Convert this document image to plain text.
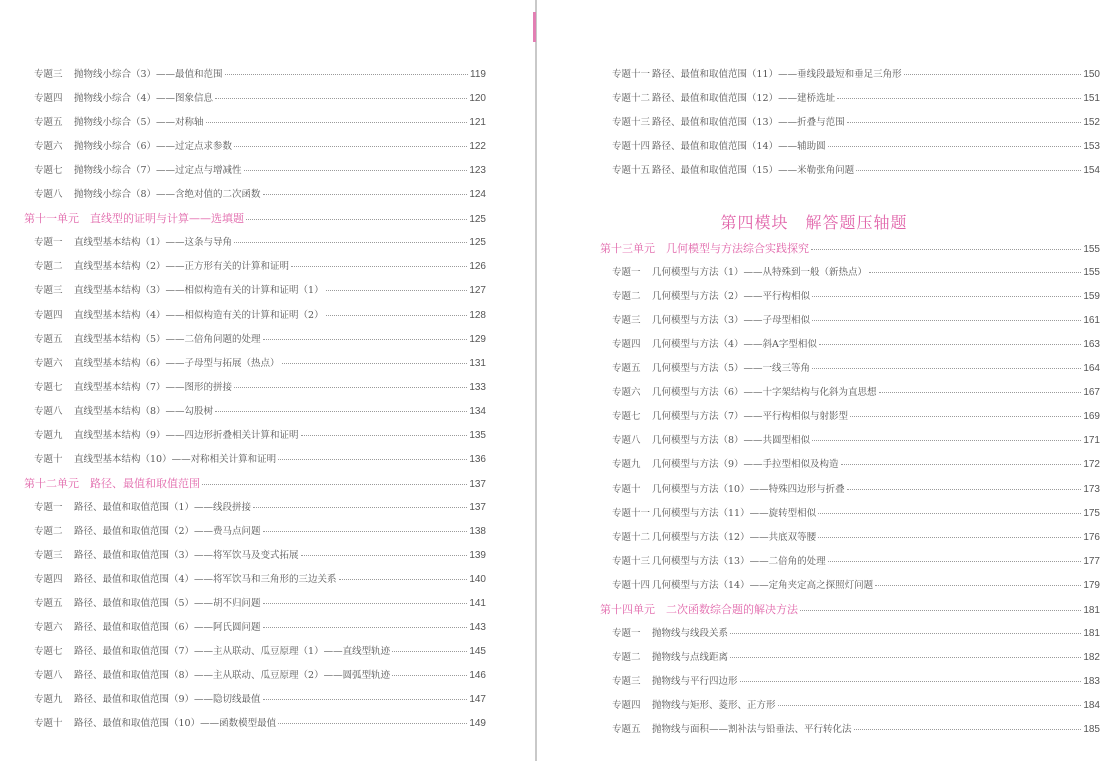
专题三	抛物线小综合（3）——最值和范围	119
专题四	抛物线小综合（4）——图象信息	120
专题五	抛物线小综合（5）——对称轴	121
专题六	抛物线小综合（6）——过定点求参数	122
专题七	抛物线小综合（7）——过定点与增减性	123
专题八	抛物线小综合（8）——含绝对值的二次函数	124
第十一单元　直线型的证明与计算——选填题	125
专题一	直线型基本结构（1）——这条与导角	125
专题二	直线型基本结构（2）——正方形有关的计算和证明	126
专题三	直线型基本结构（3）——相似构造有关的计算和证明（1）	127
专题四	直线型基本结构（4）——相似构造有关的计算和证明（2）	128
专题五	直线型基本结构（5）——二倍角问题的处理	129
专题六	直线型基本结构（6）——子母型与拓展（热点）	131
专题七	直线型基本结构（7）——图形的拼接	133
专题八	直线型基本结构（8）——勾股树	134
专题九	直线型基本结构（9）——四边形折叠相关计算和证明	135
专题十	直线型基本结构（10）——对称相关计算和证明	136
第十二单元　路径、最值和取值范围	137
专题一	路径、最值和取值范围（1）——线段拼接	137
专题二	路径、最值和取值范围（2）——费马点问题	138
专题三	路径、最值和取值范围（3）——将军饮马及变式拓展	139
专题四	路径、最值和取值范围（4）——将军饮马和三角形的三边关系	140
专题五	路径、最值和取值范围（5）——胡不归问题	141
专题六	路径、最值和取值范围（6）——阿氏圆问题	143
专题七	路径、最值和取值范围（7）——主从联动、瓜豆原理（1）——直线型轨迹	145
专题八	路径、最值和取值范围（8）——主从联动、瓜豆原理（2）——圆弧型轨迹	146
专题九	路径、最值和取值范围（9）——隐切线最值	147
专题十	路径、最值和取值范围（10）——函数模型最值	149
专题十一 路径、最值和取值范围（11）——垂线段最短和垂足三角形	150
专题十二 路径、最值和取值范围（12）——建桥选址	151
专题十三 路径、最值和取值范围（13）——折叠与范围	152
专题十四 路径、最值和取值范围（14）——辅助圆	153
专题十五 路径、最值和取值范围（15）——米勒张角问题	154
第四模块　解答题压轴题
第十三单元　几何模型与方法综合实践探究	155
专题一	几何模型与方法（1）——从特殊到一般（新热点）	155
专题二	几何模型与方法（2）——平行构相似	159
专题三	几何模型与方法（3）——子母型相似	161
专题四	几何模型与方法（4）——斜A字型相似	163
专题五	几何模型与方法（5）——一线三等角	164
专题六	几何模型与方法（6）——十字架结构与化斜为直思想	167
专题七	几何模型与方法（7）——平行构相似与射影型	169
专题八	几何模型与方法（8）——共圆型相似	171
专题九	几何模型与方法（9）——手拉型相似及构造	172
专题十	几何模型与方法（10）——特殊四边形与折叠	173
专题十一 几何模型与方法（11）——旋转型相似	175
专题十二 几何模型与方法（12）——共底双等腰	176
专题十三 几何模型与方法（13）——二倍角的处理	177
专题十四 几何模型与方法（14）——定角夹定高之探照灯问题	179
第十四单元　二次函数综合题的解决方法	181
专题一	抛物线与线段关系	181
专题二	抛物线与点线距离	182
专题三	抛物线与平行四边形	183
专题四	抛物线与矩形、菱形、正方形	184
专题五	抛物线与面积——割补法与铅垂法、平行转化法	185
